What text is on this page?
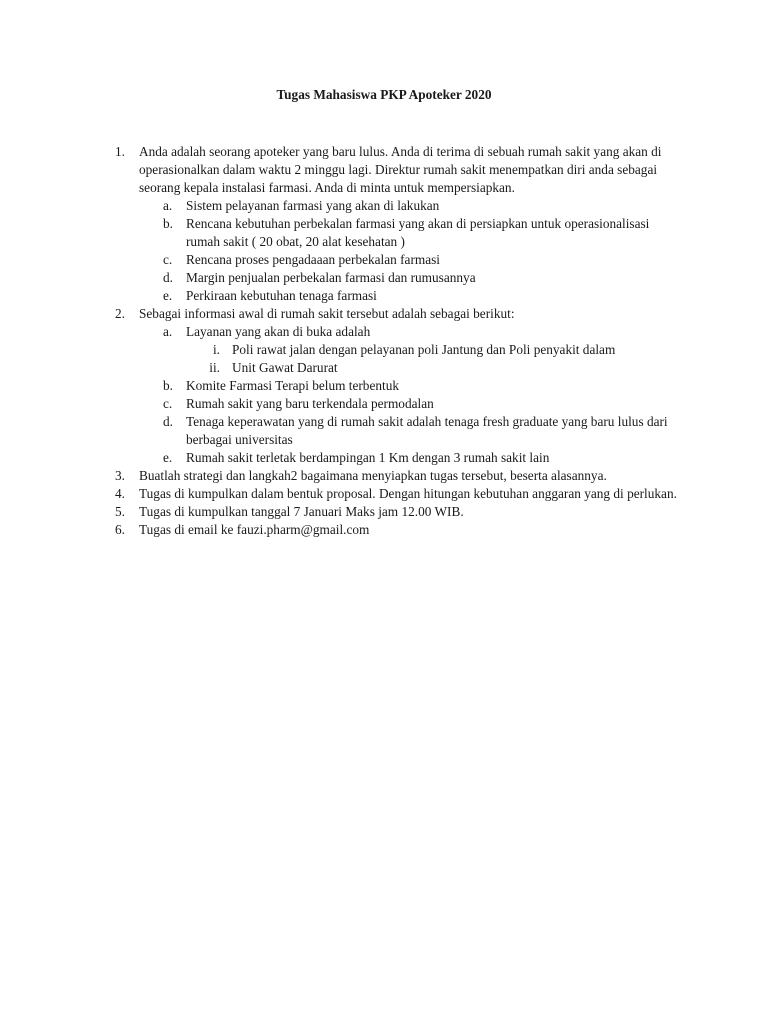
Tugas Mahasiswa PKP Apoteker 2020
1. Anda adalah seorang apoteker yang baru lulus. Anda di terima di sebuah rumah sakit yang akan di operasionalkan dalam waktu 2 minggu lagi. Direktur rumah sakit menempatkan diri anda sebagai seorang kepala instalasi farmasi. Anda di minta untuk mempersiapkan.
a. Sistem pelayanan farmasi yang akan di lakukan
b. Rencana kebutuhan perbekalan farmasi yang akan di persiapkan untuk operasionalisasi rumah sakit ( 20 obat, 20 alat kesehatan )
c. Rencana proses pengadaaan perbekalan farmasi
d. Margin penjualan perbekalan farmasi dan rumusannya
e. Perkiraan kebutuhan tenaga farmasi
2. Sebagai informasi awal di rumah sakit tersebut adalah sebagai berikut:
a. Layanan yang akan di buka adalah
i. Poli rawat jalan dengan pelayanan poli Jantung dan Poli penyakit dalam
ii. Unit Gawat Darurat
b. Komite Farmasi Terapi belum terbentuk
c. Rumah sakit yang baru terkendala permodalan
d. Tenaga keperawatan yang di rumah sakit adalah tenaga fresh graduate yang baru lulus dari berbagai universitas
e. Rumah sakit terletak berdampingan 1 Km dengan 3 rumah sakit lain
3. Buatlah strategi dan langkah2 bagaimana menyiapkan tugas tersebut, beserta alasannya.
4. Tugas di kumpulkan dalam bentuk proposal. Dengan hitungan kebutuhan anggaran yang di perlukan.
5. Tugas di kumpulkan tanggal 7 Januari Maks jam 12.00 WIB.
6. Tugas di email ke fauzi.pharm@gmail.com
